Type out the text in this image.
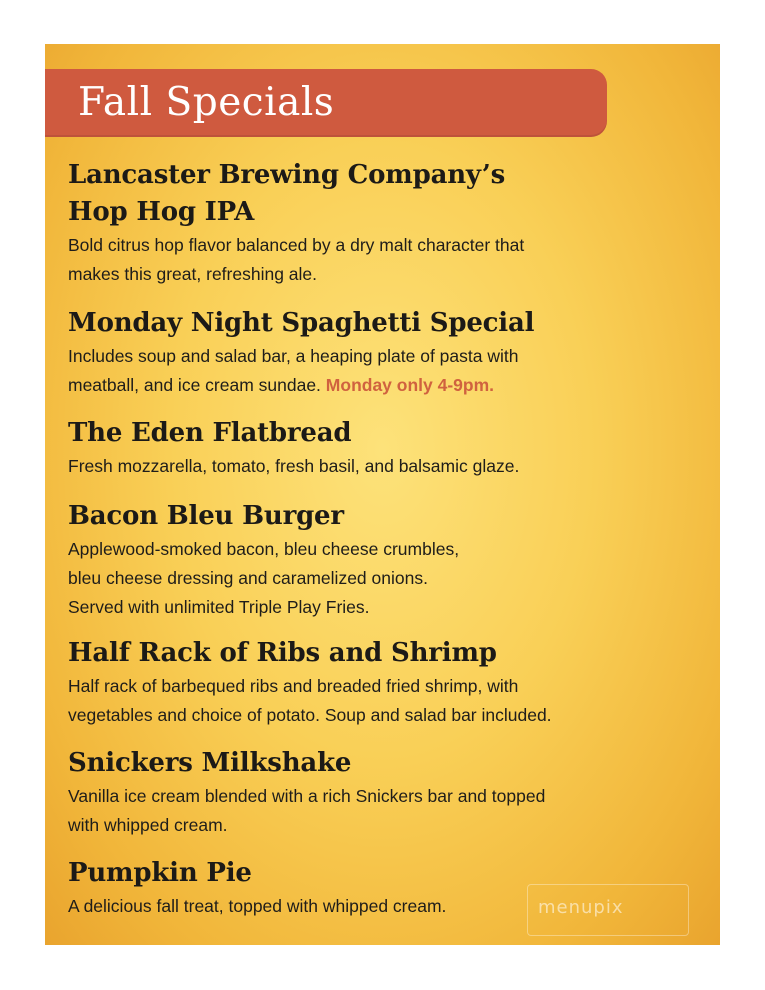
Fall Specials
Lancaster Brewing Company’s
Hop Hog IPA

Bold citrus hop flavor balanced by a dry malt character that
makes this great, refreshing ale.

Monday Night Spaghetti Special

Includes soup and salad bar, a heaping plate of pasta with
meatball, and ice cream sundae. Monday only 4-9pm.

The Eden Flatbread

Fresh mozzarella, tomato, fresh basil, and balsamic glaze.

Bacon Bleu Burger

Applewood-smoked bacon, bleu cheese crumbles,
bleu cheese dressing and caramelized onions.
Served with unlimited Triple Play Fries.

Half Rack of Ribs and Shrimp

Half rack of barbequed ribs and breaded fried shrimp, with
vegetables and choice of potato. Soup and salad bar included.

Snickers Milkshake

Vanilla ice cream blended with a rich Snickers bar and topped
with whipped cream.

Pumpkin Pie

A delicious fall treat, topped with whipped cream.	menupix
